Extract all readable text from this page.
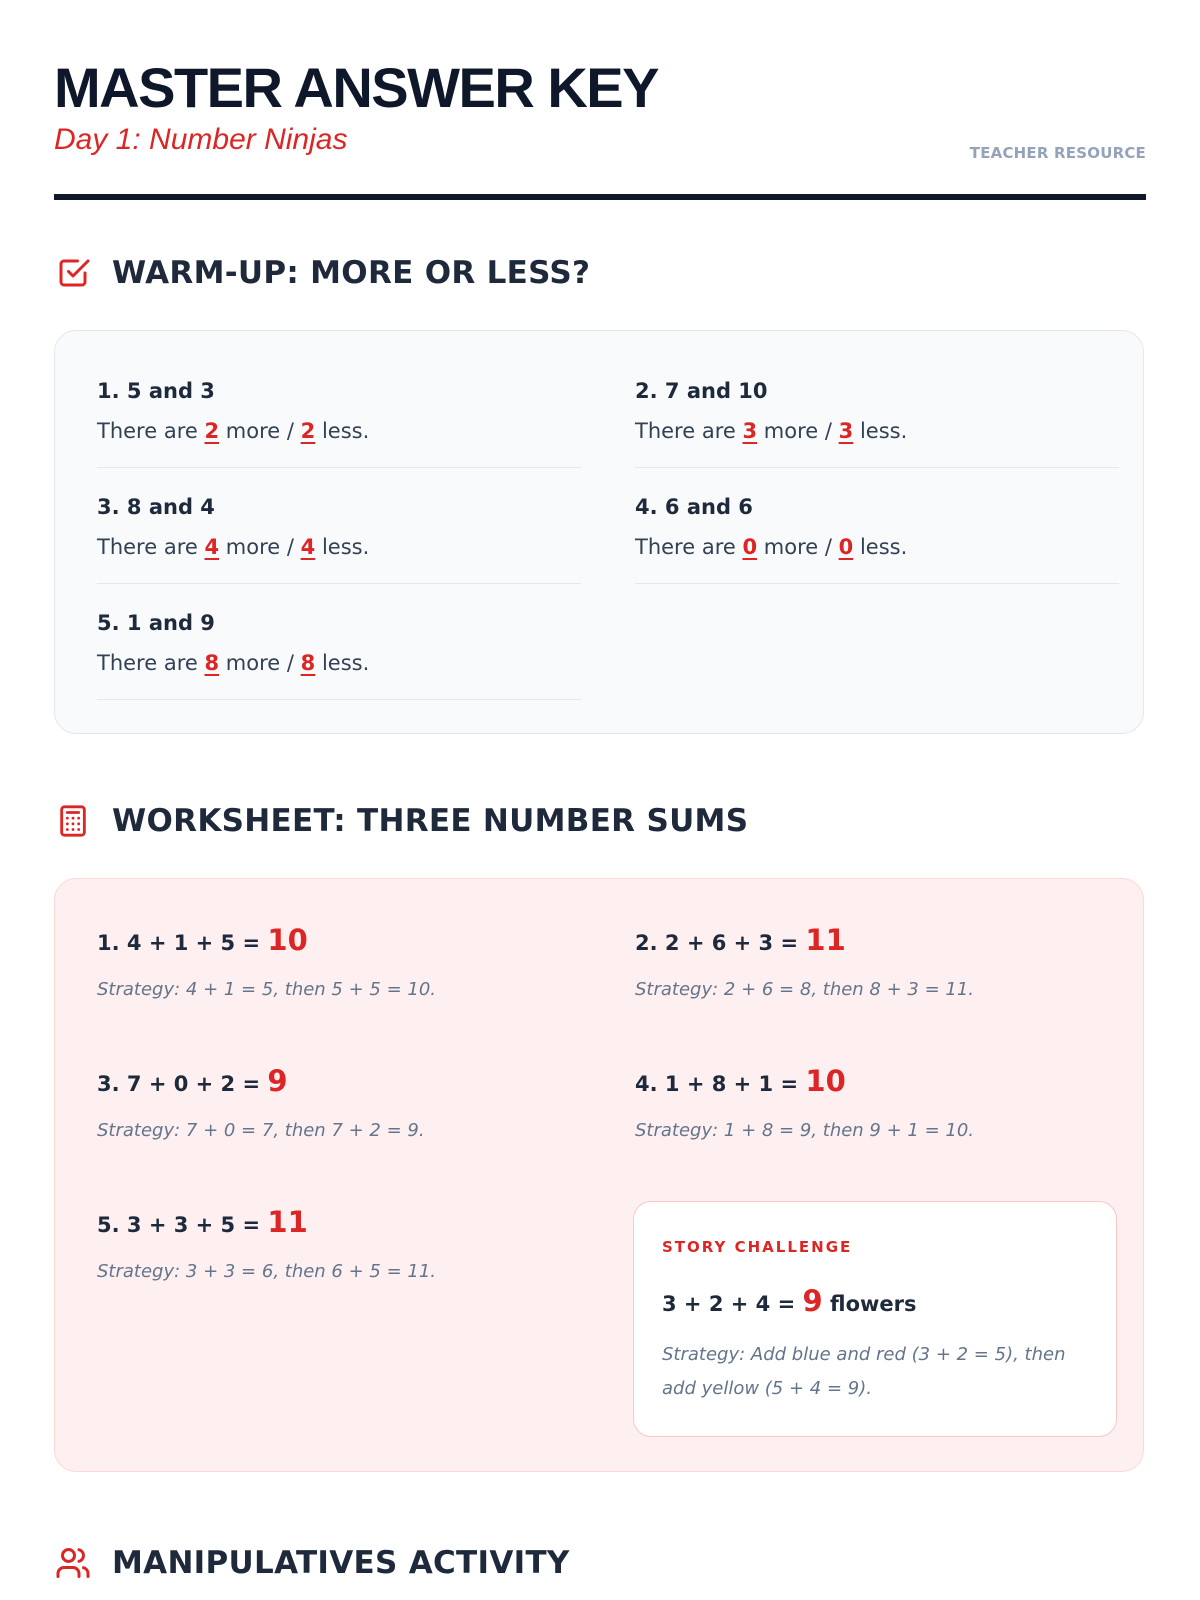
MASTER ANSWER KEY
Day 1: Number Ninjas	TEACHER RESOURCE
WARM-UP: MORE OR LESS?
1. 5 and 3
There are 2 more / 2 less.
2. 7 and 10
There are 3 more / 3 less.
3. 8 and 4
There are 4 more / 4 less.
4. 6 and 6
There are 0 more / 0 less.
5. 1 and 9
There are 8 more / 8 less.
WORKSHEET: THREE NUMBER SUMS
1. 4 + 1 + 5 = 10
Strategy: 4 + 1 = 5, then 5 + 5 = 10.
2. 2 + 6 + 3 = 11
Strategy: 2 + 6 = 8, then 8 + 3 = 11.
3. 7 + 0 + 2 = 9
Strategy: 7 + 0 = 7, then 7 + 2 = 9.
4. 1 + 8 + 1 = 10
Strategy: 1 + 8 = 9, then 9 + 1 = 10.
5. 3 + 3 + 5 = 11
Strategy: 3 + 3 = 6, then 6 + 5 = 11.
STORY CHALLENGE
3 + 2 + 4 = 9 flowers
Strategy: Add blue and red (3 + 2 = 5), then add yellow (5 + 4 = 9).
MANIPULATIVES ACTIVITY
